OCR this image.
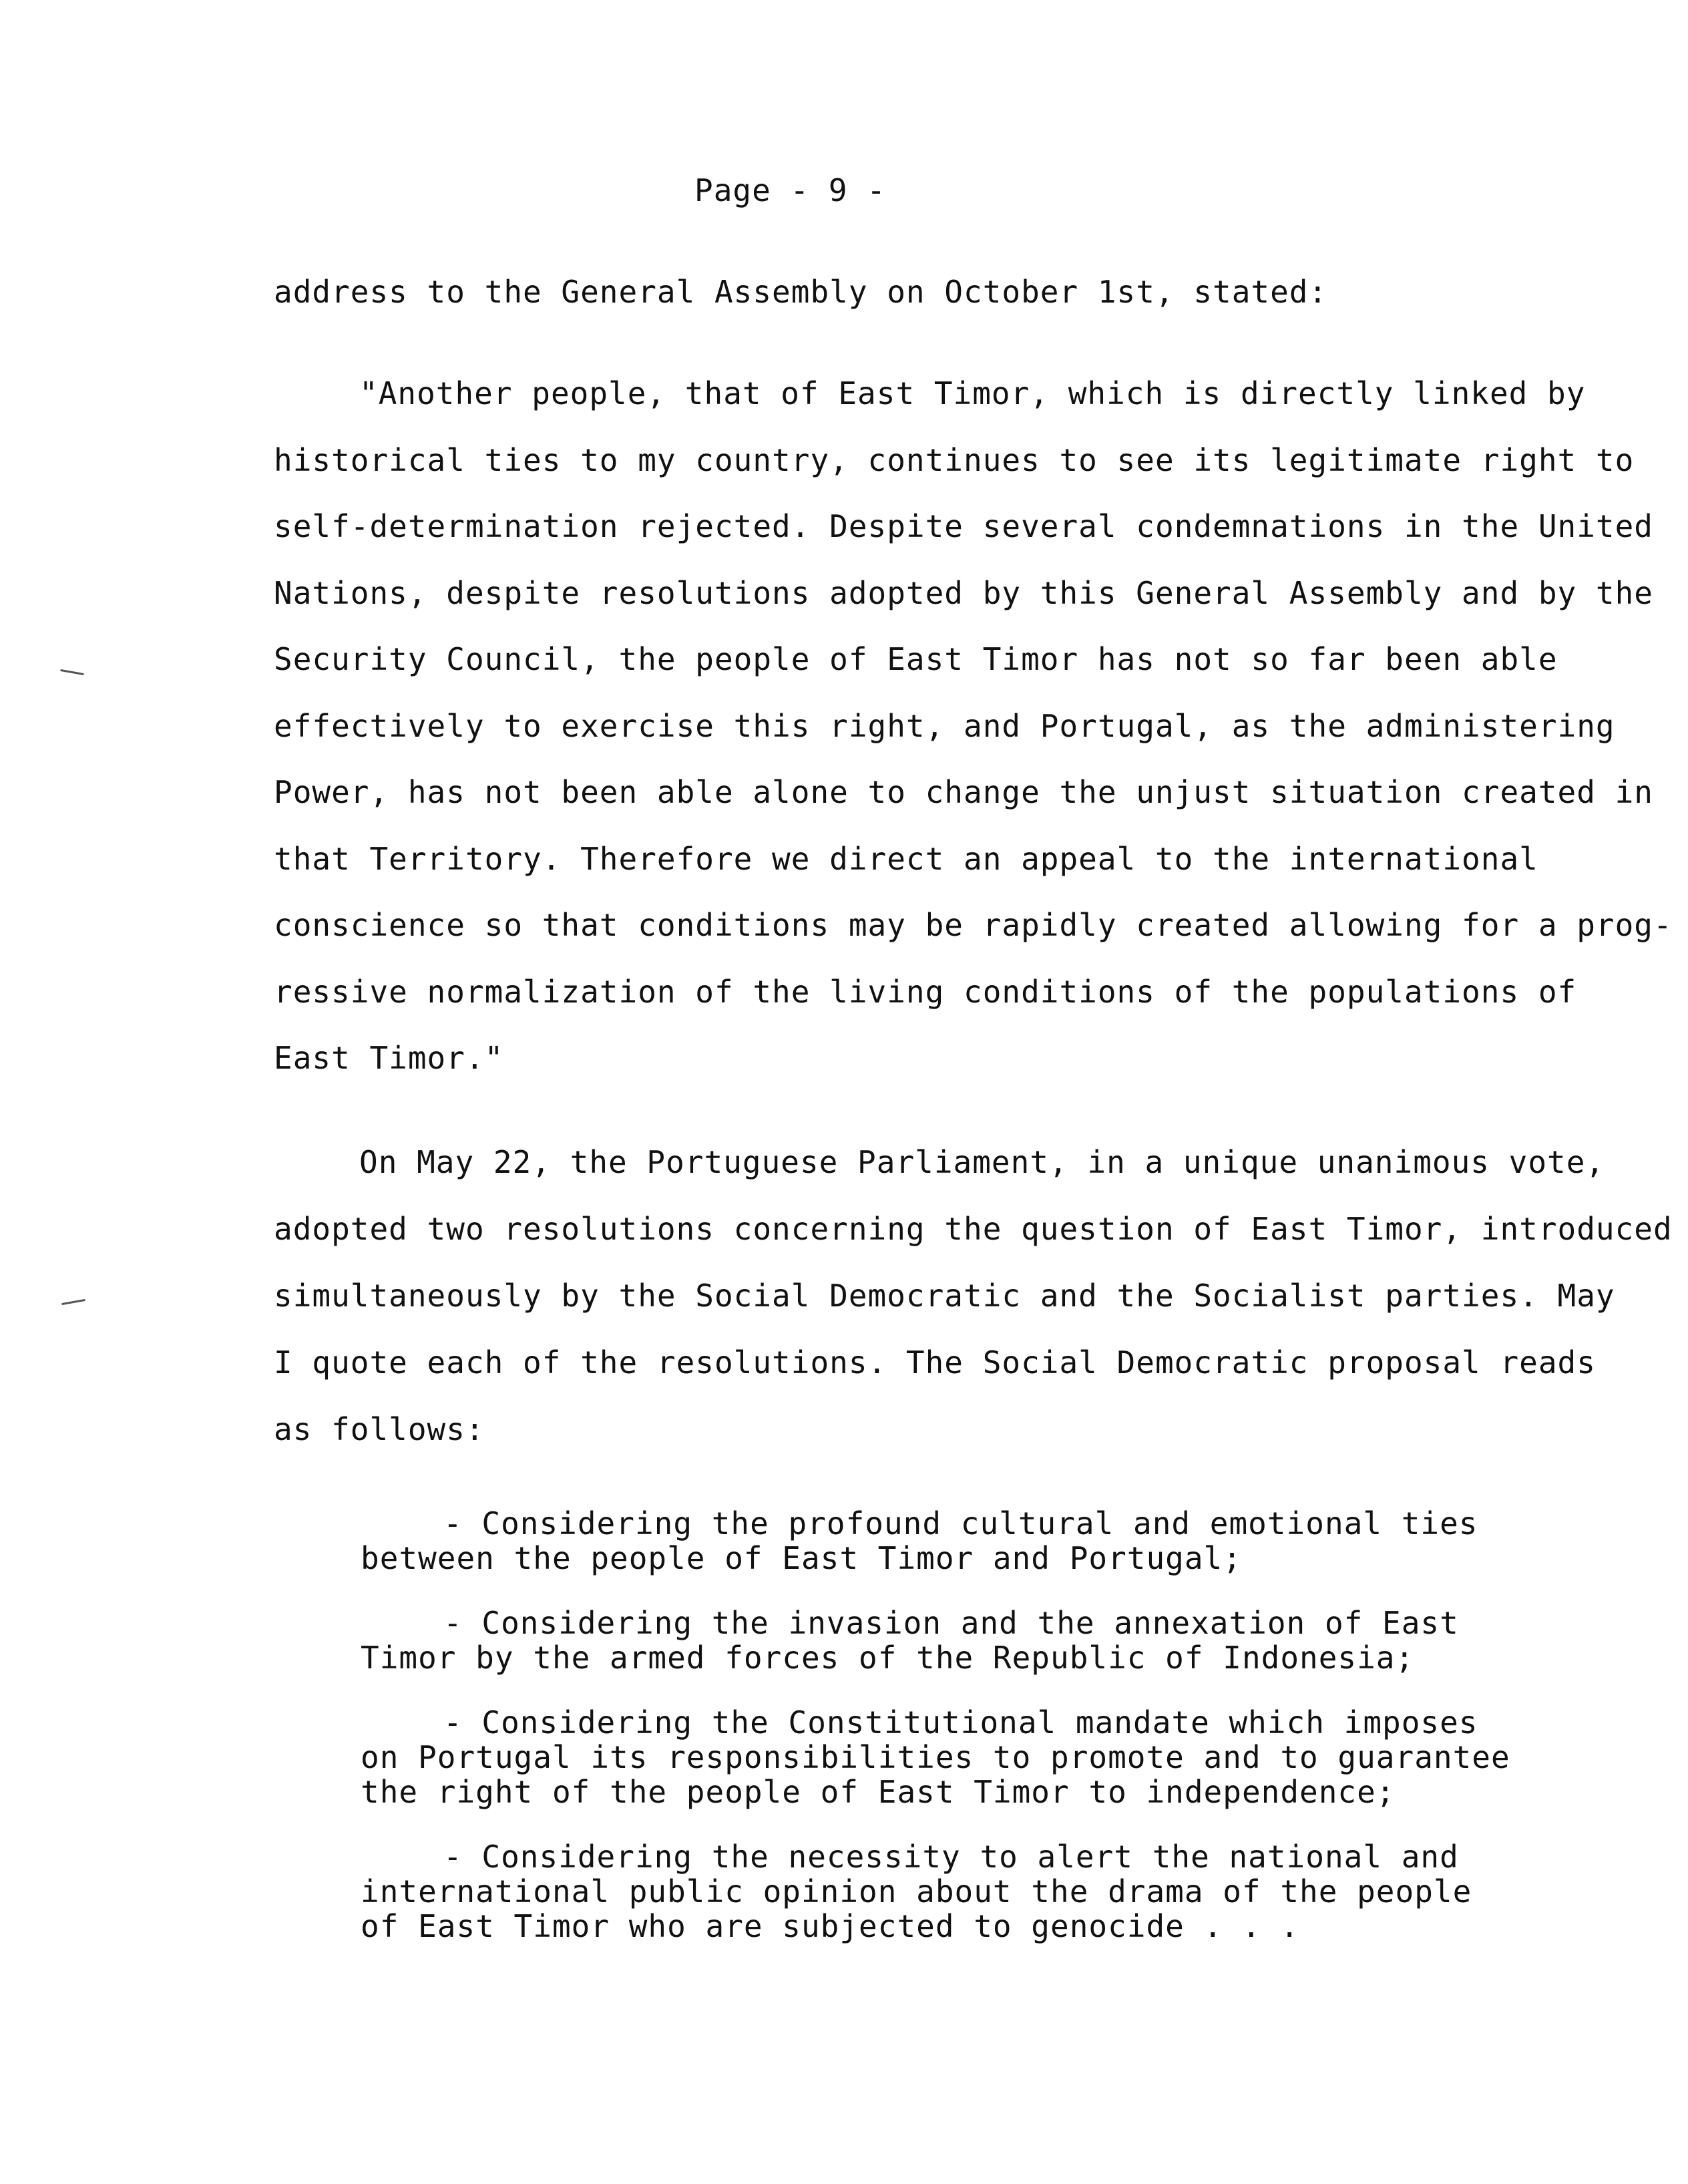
Page - 9 -
address to the General Assembly on October 1st, stated:
"Another people, that of East Timor, which is directly linked by
historical ties to my country, continues to see its legitimate right to
self-determination rejected. Despite several condemnations in the United
Nations, despite resolutions adopted by this General Assembly and by the
Security Council, the people of East Timor has not so far been able
effectively to exercise this right, and Portugal, as the administering
Power, has not been able alone to change the unjust situation created in
that Territory. Therefore we direct an appeal to the international
conscience so that conditions may be rapidly created allowing for a prog-
ressive normalization of the living conditions of the populations of
East Timor."
On May 22, the Portuguese Parliament, in a unique unanimous vote,
adopted two resolutions concerning the question of East Timor, introduced
simultaneously by the Social Democratic and the Socialist parties. May
I quote each of the resolutions. The Social Democratic proposal reads
as follows:
- Considering the profound cultural and emotional ties
between the people of East Timor and Portugal;
- Considering the invasion and the annexation of East
Timor by the armed forces of the Republic of Indonesia;
- Considering the Constitutional mandate which imposes
on Portugal its responsibilities to promote and to guarantee
the right of the people of East Timor to independence;
- Considering the necessity to alert the national and
international public opinion about the drama of the people
of East Timor who are subjected to genocide . . .
